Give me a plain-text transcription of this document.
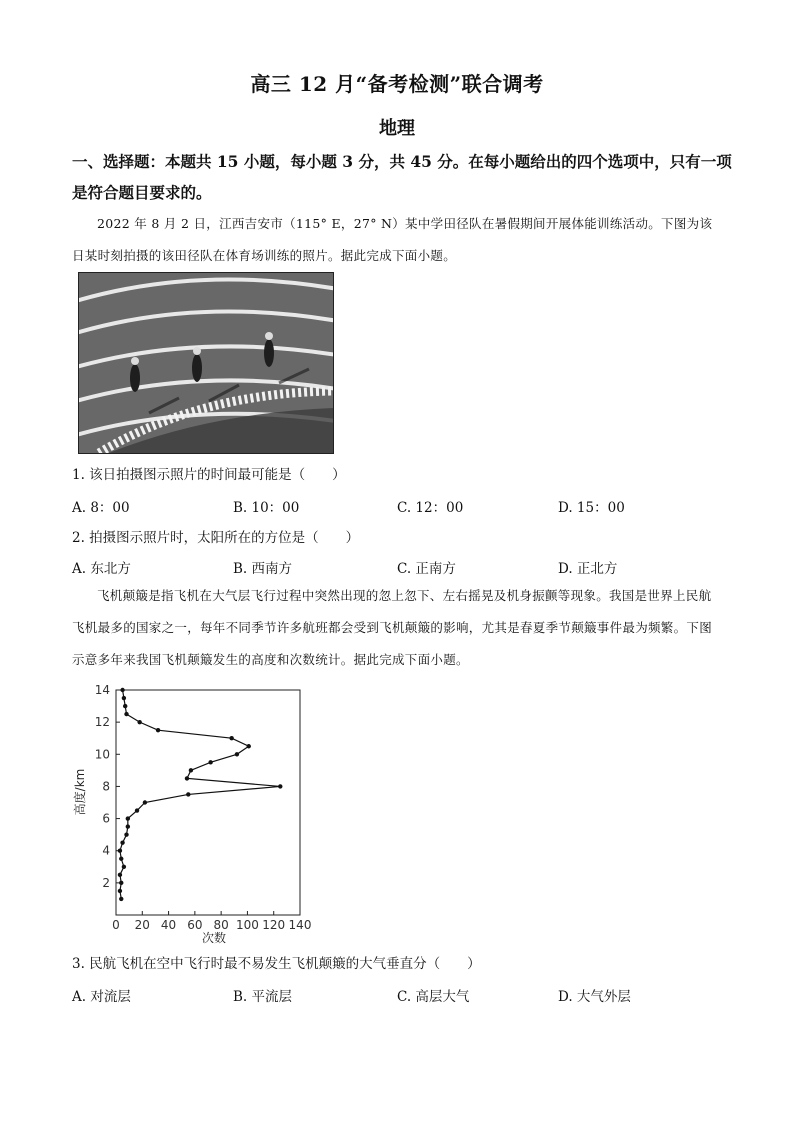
高三 12 月“备考检测”联合调考
地理
一、选择题：本题共 15 小题，每小题 3 分，共 45 分。在每小题给出的四个选项中，只有一项是符合题目要求的。
2022 年 8 月 2 日，江西吉安市（115° E，27° N）某中学田径队在暑假期间开展体能训练活动。下图为该日某时刻拍摄的该田径队在体育场训练的照片。据此完成下面小题。
1. 该日拍摄图示照片的时间最可能是（　　）
A. 8：00	B. 10：00	C. 12：00	D. 15：00
2. 拍摄图示照片时，太阳所在的方位是（　　）
A. 东北方	B. 西南方	C. 正南方	D. 正北方
飞机颠簸是指飞机在大气层飞行过程中突然出现的忽上忽下、左右摇晃及机身振颤等现象。我国是世界上民航飞机最多的国家之一，每年不同季节许多航班都会受到飞机颠簸的影响，尤其是春夏季节颠簸事件最为频繁。下图示意多年来我国飞机颠簸发生的高度和次数统计。据此完成下面小题。
0 20 40 60 80 100 120 140
2
4
6
8
10
12
14
高度/km
次数
3. 民航飞机在空中飞行时最不易发生飞机颠簸的大气垂直分（　　）
A. 对流层	B. 平流层	C. 高层大气	D. 大气外层
